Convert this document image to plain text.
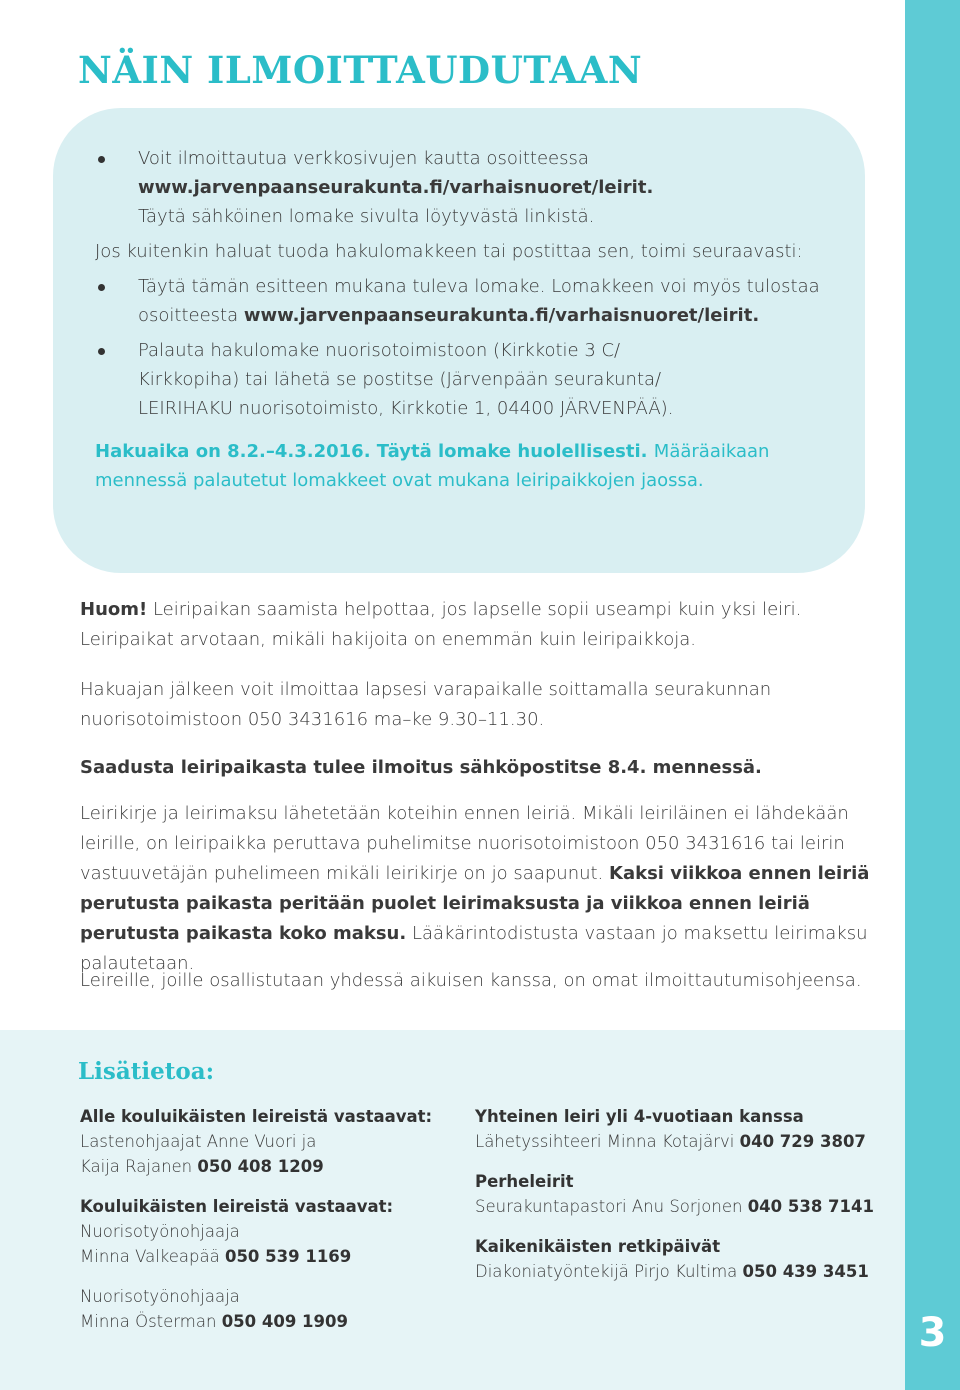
3
NÄIN ILMOITTAUDUTAAN
Voit ilmoittautua verkkosivujen kautta osoitteessa
www.jarvenpaanseurakunta.fi/varhaisnuoret/leirit.
Täytä sähköinen lomake sivulta löytyvästä linkistä.
Jos kuitenkin haluat tuoda hakulomakkeen tai postittaa sen, toimi seuraavasti:
Täytä tämän esitteen mukana tuleva lomake. Lomakkeen voi myös tulostaa osoitteesta www.jarvenpaanseurakunta.fi/varhaisnuoret/leirit.
Palauta hakulomake nuorisotoimistoon (Kirkkotie 3 C/
Kirkkopiha) tai lähetä se postitse (Järvenpään seurakunta/
LEIRIHAKU nuorisotoimisto, Kirkkotie 1, 04400 JÄRVENPÄÄ).
Hakuaika on 8.2.–4.3.2016. Täytä lomake huolellisesti. Määräaikaan mennessä palautetut lomakkeet ovat mukana leiripaikkojen jaossa.

Huom! Leiripaikan saamista helpottaa, jos lapselle sopii useampi kuin yksi leiri. Leiripaikat arvotaan, mikäli hakijoita on enemmän kuin leiripaikkoja.

Hakuajan jälkeen voit ilmoittaa lapsesi varapaikalle soittamalla seurakunnan nuorisotoimistoon 050 3431616 ma–ke 9.30–11.30.

Saadusta leiripaikasta tulee ilmoitus sähköpostitse 8.4. mennessä.

Leirikirje ja leirimaksu lähetetään koteihin ennen leiriä. Mikäli leiriläinen ei lähdekään leirille, on leiripaikka peruttava puhelimitse nuorisotoimistoon 050 3431616 tai leirin vastuuvetäjän puhelimeen mikäli leirikirje on jo saapunut. Kaksi viikkoa ennen leiriä perutusta paikasta peritään puolet leirimaksusta ja viikkoa ennen leiriä perutusta paikasta koko maksu. Lääkärintodistusta vastaan jo maksettu leirimaksu palautetaan.

Leireille, joille osallistutaan yhdessä aikuisen kanssa, on omat ilmoittautumisohjeensa.

Lisätietoa:
Alle kouluikäisten leireistä vastaavat:
Lastenohjaajat Anne Vuori ja
Kaija Rajanen 050 408 1209
Kouluikäisten leireistä vastaavat:
Nuorisotyönohjaaja
Minna Valkeapää 050 539 1169
Nuorisotyönohjaaja
Minna Österman 050 409 1909
Yhteinen leiri yli 4-vuotiaan kanssa
Lähetyssihteeri Minna Kotajärvi 040 729 3807
Perheleirit
Seurakuntapastori Anu Sorjonen 040 538 7141
Kaikenikäisten retkipäivät
Diakoniatyöntekijä Pirjo Kultima 050 439 3451
